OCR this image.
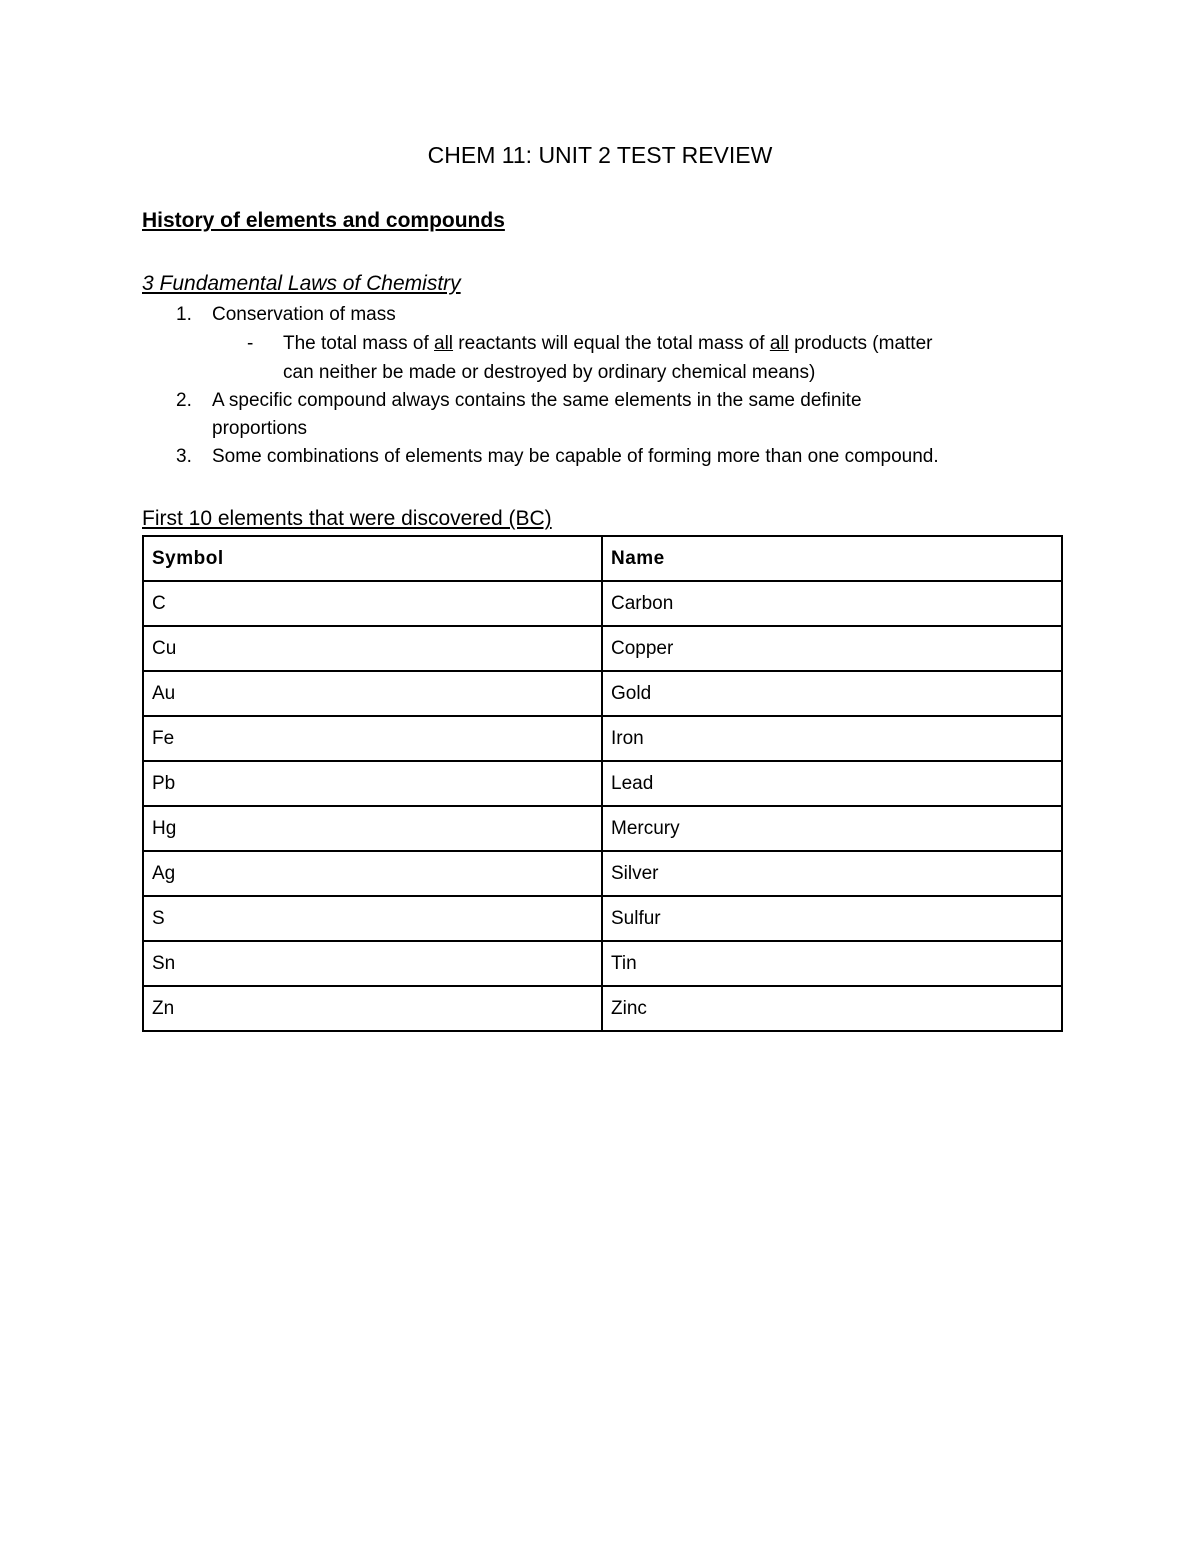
CHEM 11: UNIT 2 TEST REVIEW
History of elements and compounds
3 Fundamental Laws of Chemistry
1. Conservation of mass
- The total mass of all reactants will equal the total mass of all products (matter
can neither be made or destroyed by ordinary chemical means)
2. A specific compound always contains the same elements in the same definite
proportions
3. Some combinations of elements may be capable of forming more than one compound.
First 10 elements that were discovered (BC)
Symbol	Name
C	Carbon
Cu	Copper
Au	Gold
Fe	Iron
Pb	Lead
Hg	Mercury
Ag	Silver
S	Sulfur
Sn	Tin
Zn	Zinc
